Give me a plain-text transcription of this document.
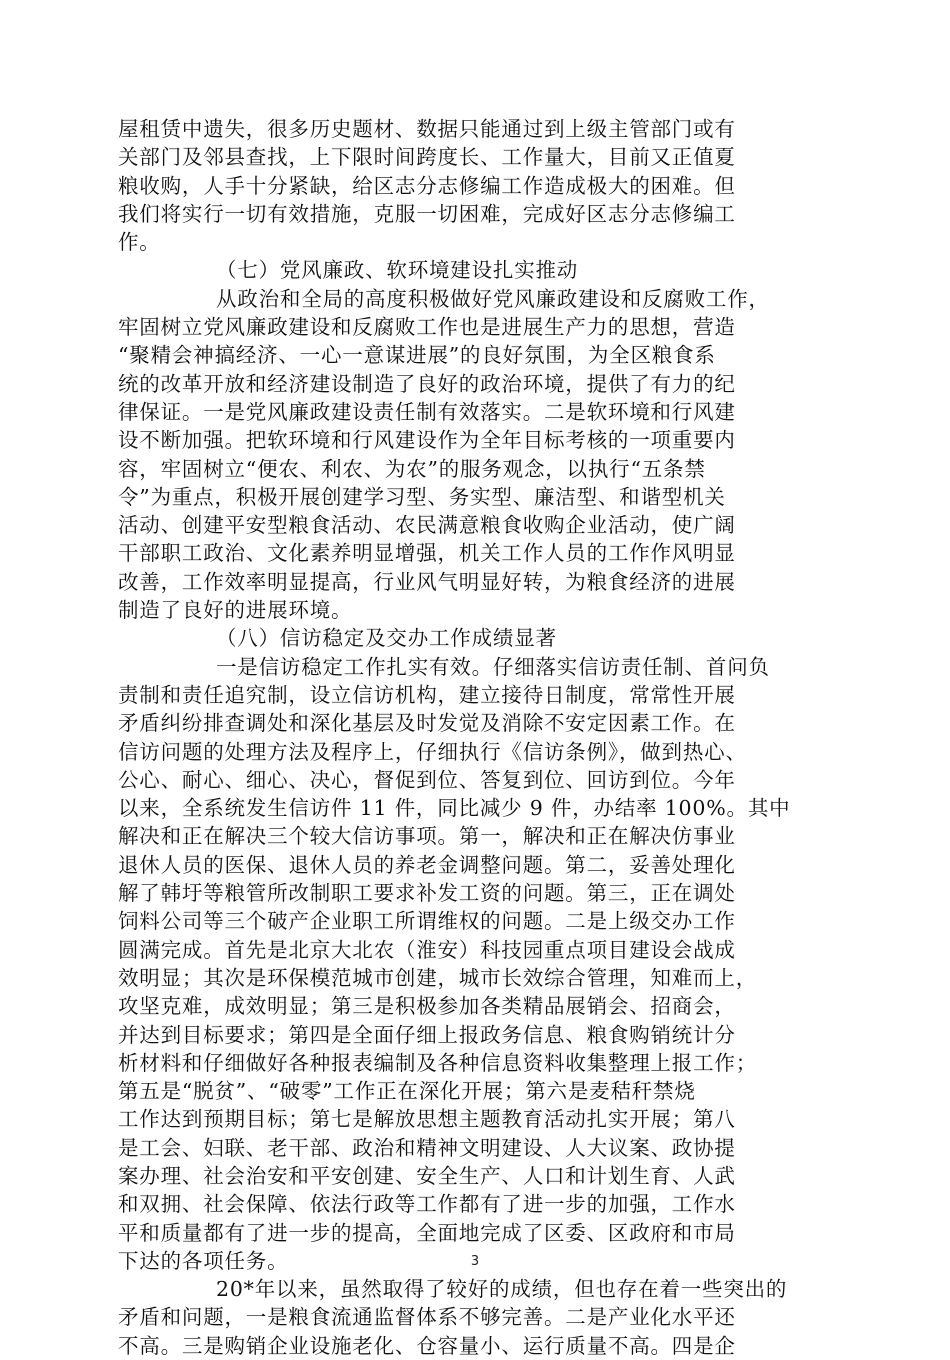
屋租赁中遗失，很多历史题材、数据只能通过到上级主管部门或有
关部门及邻县查找，上下限时间跨度长、工作量大，目前又正值夏
粮收购，人手十分紧缺，给区志分志修编工作造成极大的困难。但
我们将实行一切有效措施，克服一切困难，完成好区志分志修编工
作。
（七）党风廉政、软环境建设扎实推动
从政治和全局的高度积极做好党风廉政建设和反腐败工作，
牢固树立党风廉政建设和反腐败工作也是进展生产力的思想，营造
“聚精会神搞经济、一心一意谋进展”的良好氛围，为全区粮食系
统的改革开放和经济建设制造了良好的政治环境，提供了有力的纪
律保证。一是党风廉政建设责任制有效落实。二是软环境和行风建
设不断加强。把软环境和行风建设作为全年目标考核的一项重要内
容，牢固树立“便农、利农、为农”的服务观念，以执行“五条禁
令”为重点，积极开展创建学习型、务实型、廉洁型、和谐型机关
活动、创建平安型粮食活动、农民满意粮食收购企业活动，使广阔
干部职工政治、文化素养明显增强，机关工作人员的工作作风明显
改善，工作效率明显提高，行业风气明显好转，为粮食经济的进展
制造了良好的进展环境。
（八）信访稳定及交办工作成绩显著
一是信访稳定工作扎实有效。仔细落实信访责任制、首问负
责制和责任追究制，设立信访机构，建立接待日制度，常常性开展
矛盾纠纷排查调处和深化基层及时发觉及消除不安定因素工作。在
信访问题的处理方法及程序上，仔细执行《信访条例》，做到热心、
公心、耐心、细心、决心，督促到位、答复到位、回访到位。今年
以来，全系统发生信访件 11 件，同比减少 9 件，办结率 100%。其中
解决和正在解决三个较大信访事项。第一，解决和正在解决仿事业
退休人员的医保、退休人员的养老金调整问题。第二，妥善处理化
解了韩圩等粮管所改制职工要求补发工资的问题。第三，正在调处
饲料公司等三个破产企业职工所谓维权的问题。二是上级交办工作
圆满完成。首先是北京大北农（淮安）科技园重点项目建设会战成
效明显；其次是环保模范城市创建，城市长效综合管理，知难而上，
攻坚克难，成效明显；第三是积极参加各类精品展销会、招商会，
并达到目标要求；第四是全面仔细上报政务信息、粮食购销统计分
析材料和仔细做好各种报表编制及各种信息资料收集整理上报工作；
第五是“脱贫”、“破零”工作正在深化开展；第六是麦秸秆禁烧
工作达到预期目标；第七是解放思想主题教育活动扎实开展；第八
是工会、妇联、老干部、政治和精神文明建设、人大议案、政协提
案办理、社会治安和平安创建、安全生产、人口和计划生育、人武
和双拥、社会保障、依法行政等工作都有了进一步的加强，工作水
平和质量都有了进一步的提高，全面地完成了区委、区政府和市局
下达的各项任务。
20*年以来，虽然取得了较好的成绩，但也存在着一些突出的
矛盾和问题，一是粮食流通监督体系不够完善。二是产业化水平还
不高。三是购销企业设施老化、仓容量小、运行质量不高。四是企
3
